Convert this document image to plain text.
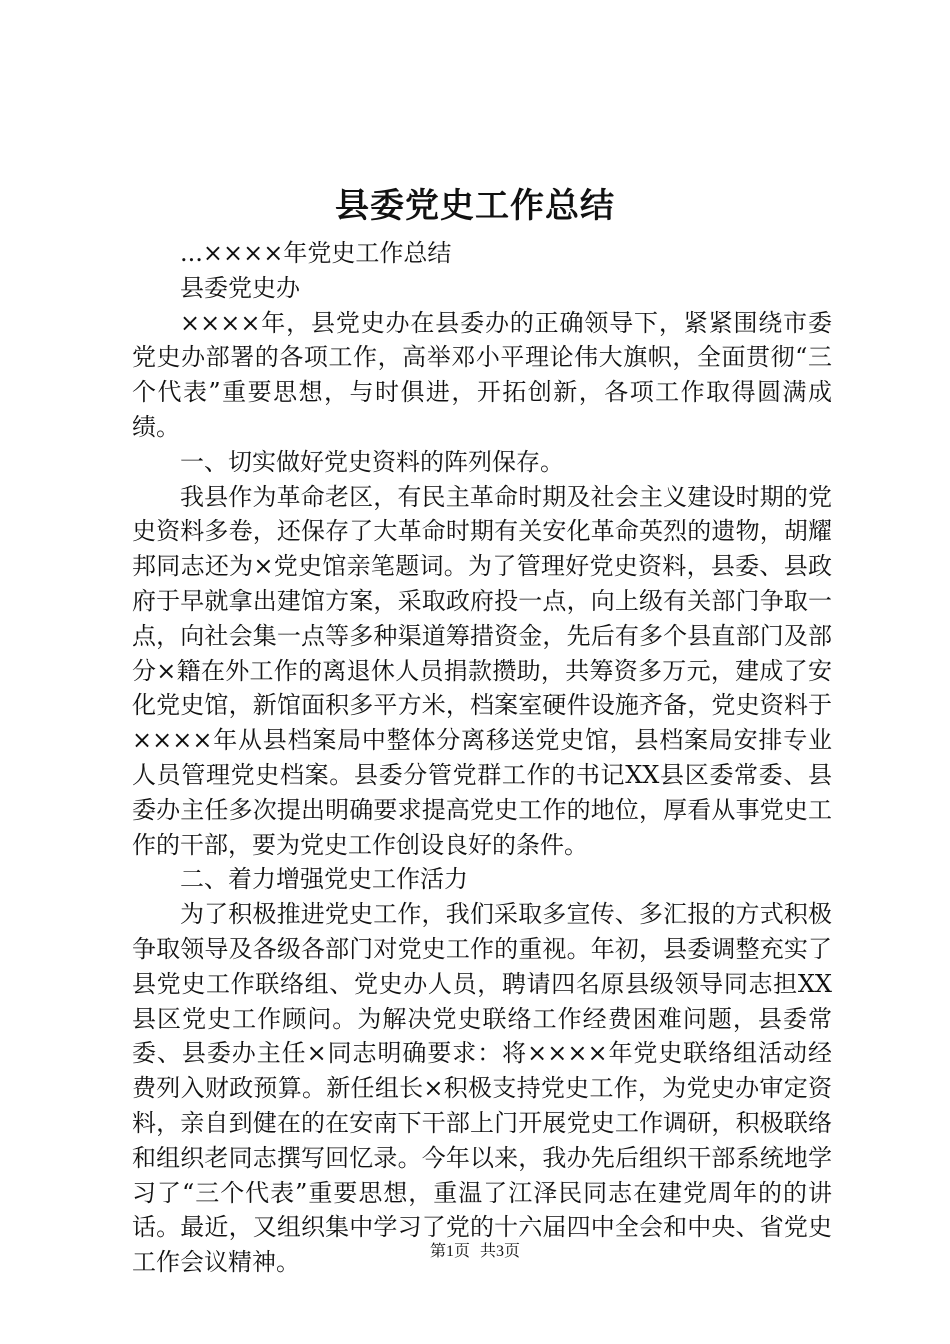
县委党史工作总结

...××××年党史工作总结

县委党史办

××××年，县党史办在县委办的正确领导下，紧紧围绕市委党史办部署的各项工作，高举邓小平理论伟大旗帜，全面贯彻“三个代表”重要思想，与时俱进，开拓创新，各项工作取得圆满成绩。

一、切实做好党史资料的阵列保存。

我县作为革命老区，有民主革命时期及社会主义建设时期的党史资料多卷，还保存了大革命时期有关安化革命英烈的遗物，胡耀邦同志还为×党史馆亲笔题词。为了管理好党史资料，县委、县政府于早就拿出建馆方案，采取政府投一点，向上级有关部门争取一点，向社会集一点等多种渠道筹措资金，先后有多个县直部门及部分×籍在外工作的离退休人员捐款攒助，共筹资多万元，建成了安化党史馆，新馆面积多平方米，档案室硬件设施齐备，党史资料于××××年从县档案局中整体分离移送党史馆，县档案局安排专业人员管理党史档案。县委分管党群工作的书记XX县区委常委、县委办主任多次提出明确要求提高党史工作的地位，厚看从事党史工作的干部，要为党史工作创设良好的条件。

二、着力增强党史工作活力

为了积极推进党史工作，我们采取多宣传、多汇报的方式积极争取领导及各级各部门对党史工作的重视。年初，县委调整充实了县党史工作联络组、党史办人员，聘请四名原县级领导同志担XX县区党史工作顾问。为解决党史联络工作经费困难问题，县委常委、县委办主任×同志明确要求：将××××年党史联络组活动经费列入财政预算。新任组长×积极支持党史工作，为党史办审定资料，亲自到健在的在安南下干部上门开展党史工作调研，积极联络和组织老同志撰写回忆录。今年以来，我办先后组织干部系统地学习了“三个代表”重要思想，重温了江泽民同志在建党周年的的讲话。最近，又组织集中学习了党的十六届四中全会和中央、省党史工作会议精神。	第1页 共3页
